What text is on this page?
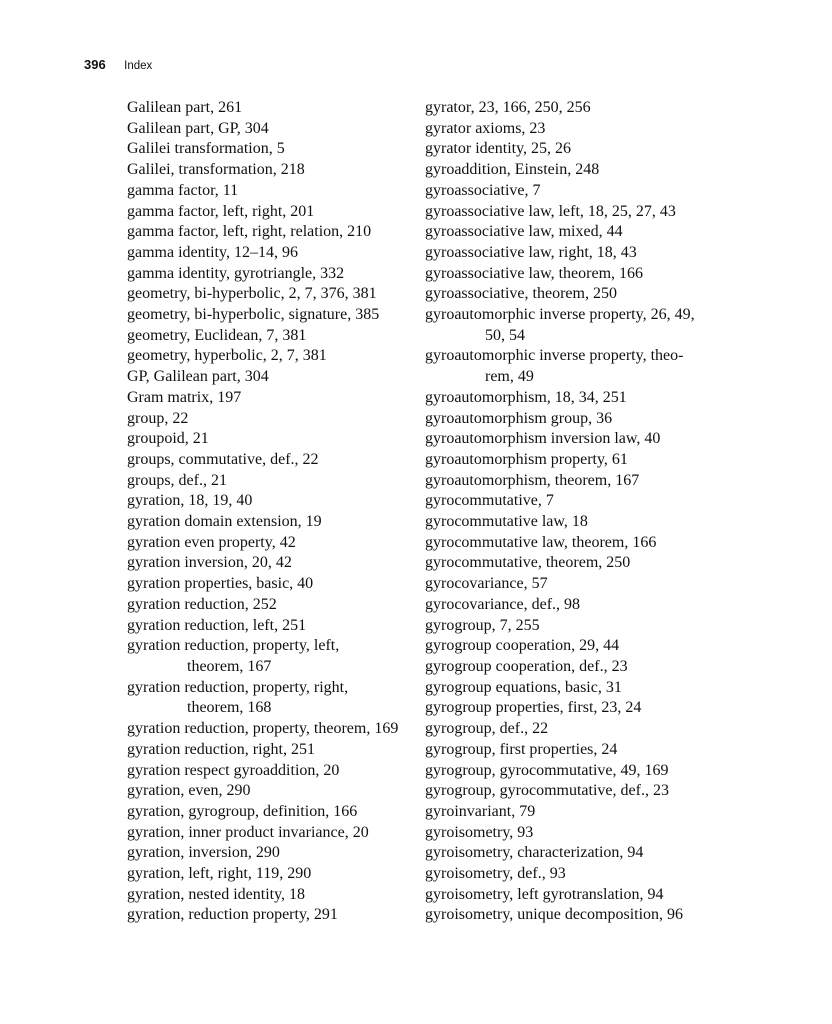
396 Index
Galilean part, 261
Galilean part, GP, 304
Galilei transformation, 5
Galilei, transformation, 218
gamma factor, 11
gamma factor, left, right, 201
gamma factor, left, right, relation, 210
gamma identity, 12–14, 96
gamma identity, gyrotriangle, 332
geometry, bi-hyperbolic, 2, 7, 376, 381
geometry, bi-hyperbolic, signature, 385
geometry, Euclidean, 7, 381
geometry, hyperbolic, 2, 7, 381
GP, Galilean part, 304
Gram matrix, 197
group, 22
groupoid, 21
groups, commutative, def., 22
groups, def., 21
gyration, 18, 19, 40
gyration domain extension, 19
gyration even property, 42
gyration inversion, 20, 42
gyration properties, basic, 40
gyration reduction, 252
gyration reduction, left, 251
gyration reduction, property, left,
theorem, 167
gyration reduction, property, right,
theorem, 168
gyration reduction, property, theorem, 169
gyration reduction, right, 251
gyration respect gyroaddition, 20
gyration, even, 290
gyration, gyrogroup, definition, 166
gyration, inner product invariance, 20
gyration, inversion, 290
gyration, left, right, 119, 290
gyration, nested identity, 18
gyration, reduction property, 291
gyrator, 23, 166, 250, 256
gyrator axioms, 23
gyrator identity, 25, 26
gyroaddition, Einstein, 248
gyroassociative, 7
gyroassociative law, left, 18, 25, 27, 43
gyroassociative law, mixed, 44
gyroassociative law, right, 18, 43
gyroassociative law, theorem, 166
gyroassociative, theorem, 250
gyroautomorphic inverse property, 26, 49,
50, 54
gyroautomorphic inverse property, theo-
rem, 49
gyroautomorphism, 18, 34, 251
gyroautomorphism group, 36
gyroautomorphism inversion law, 40
gyroautomorphism property, 61
gyroautomorphism, theorem, 167
gyrocommutative, 7
gyrocommutative law, 18
gyrocommutative law, theorem, 166
gyrocommutative, theorem, 250
gyrocovariance, 57
gyrocovariance, def., 98
gyrogroup, 7, 255
gyrogroup cooperation, 29, 44
gyrogroup cooperation, def., 23
gyrogroup equations, basic, 31
gyrogroup properties, first, 23, 24
gyrogroup, def., 22
gyrogroup, first properties, 24
gyrogroup, gyrocommutative, 49, 169
gyrogroup, gyrocommutative, def., 23
gyroinvariant, 79
gyroisometry, 93
gyroisometry, characterization, 94
gyroisometry, def., 93
gyroisometry, left gyrotranslation, 94
gyroisometry, unique decomposition, 96
